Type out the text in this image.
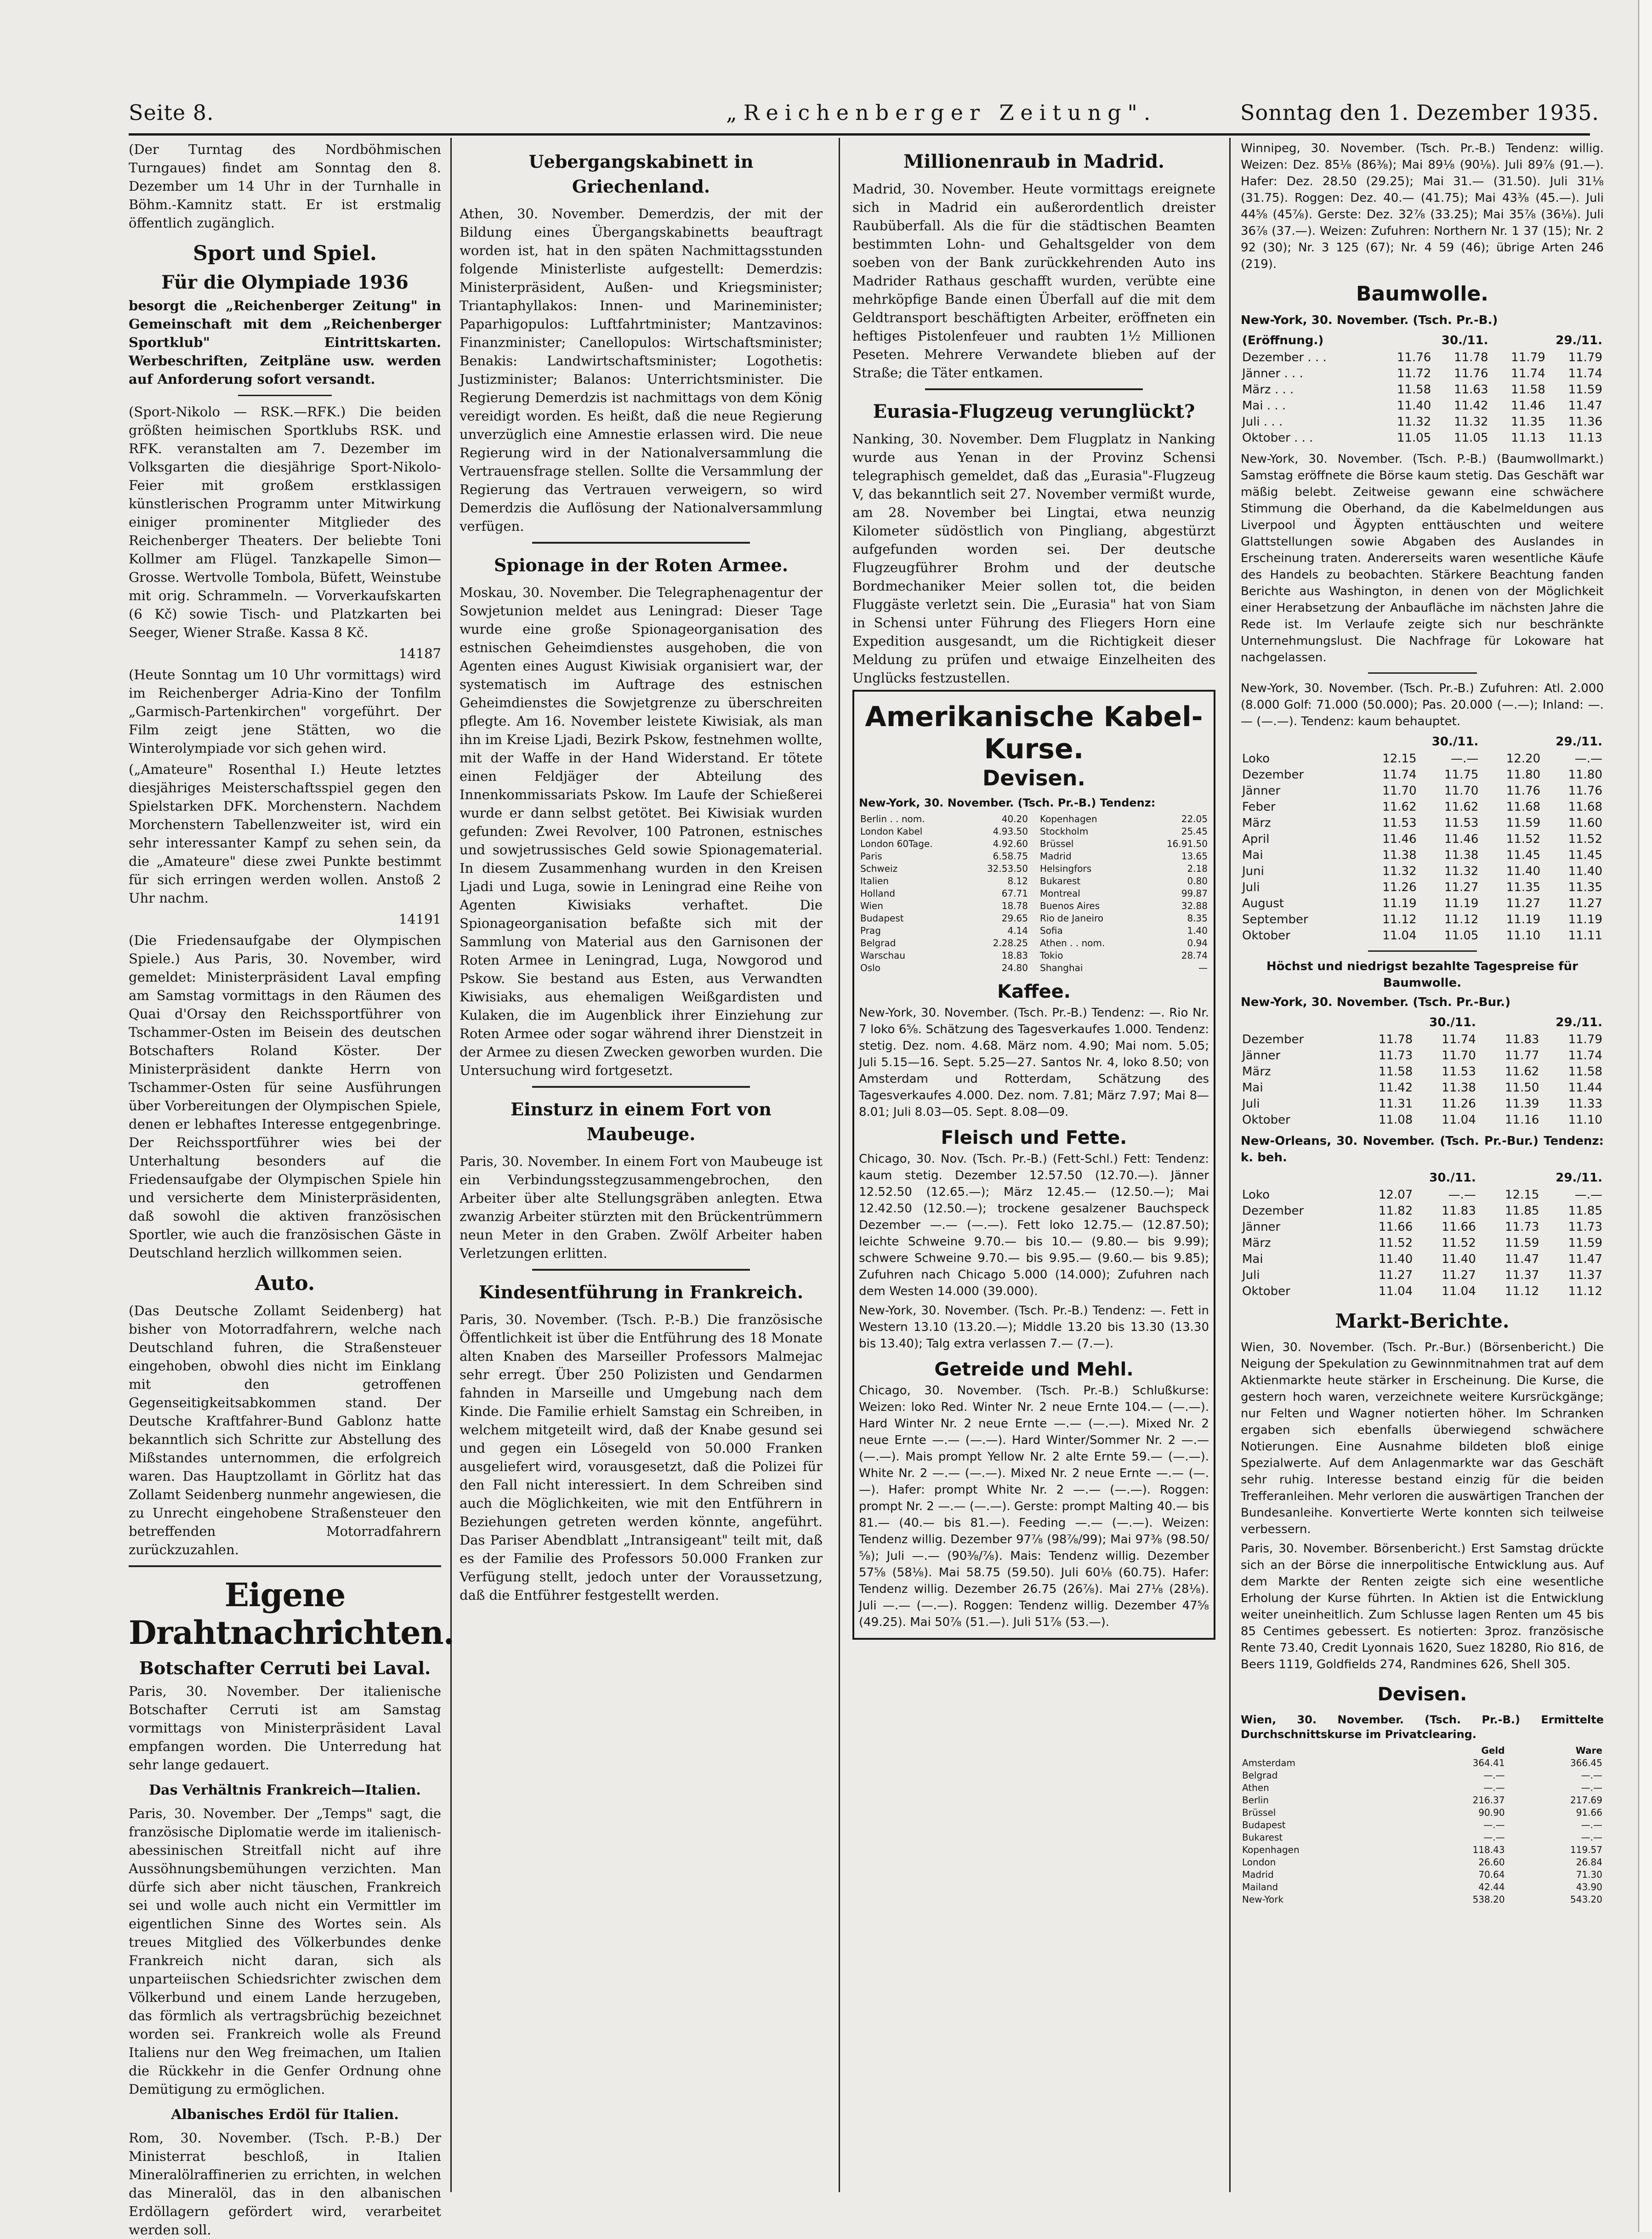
Seite 8.	„Reichenberger Zeitung".	Sonntag den 1. Dezember 1935.

(Der Turntag des Nordböhmischen Turngaues) findet am Sonntag den 8. Dezember um 14 Uhr in der Turnhalle in Böhm.-Kamnitz statt. Er ist erstmalig öffentlich zugänglich.

Sport und Spiel.
Für die Olympiade 1936

besorgt die „Reichenberger Zeitung" in Gemeinschaft mit dem „Reichenberger Sportklub" Eintrittskarten. Werbeschriften, Zeitpläne usw. werden auf Anforderung sofort versandt.

(Sport-Nikolo — RSK.—RFK.) Die beiden größten heimischen Sportklubs RSK. und RFK. veranstalten am 7. Dezember im Volksgarten die diesjährige Sport-Nikolo-Feier mit großem erstklassigen künstlerischen Programm unter Mitwirkung einiger prominenter Mitglieder des Reichenberger Theaters. Der beliebte Toni Kollmer am Flügel. Tanzkapelle Simon—Grosse. Wertvolle Tombola, Büfett, Weinstube mit orig. Schrammeln. — Vorverkaufskarten (6 Kč) sowie Tisch- und Platzkarten bei Seeger, Wiener Straße. Kassa 8 Kč.

14187

(Heute Sonntag um 10 Uhr vormittags) wird im Reichenberger Adria-Kino der Tonfilm „Garmisch-Partenkirchen" vorgeführt. Der Film zeigt jene Stätten, wo die Winterolympiade vor sich gehen wird.

(„Amateure" Rosenthal I.) Heute letztes diesjähriges Meisterschaftsspiel gegen den Spielstarken DFK. Morchenstern. Nachdem Morchenstern Tabellenzweiter ist, wird ein sehr interessanter Kampf zu sehen sein, da die „Amateure" diese zwei Punkte bestimmt für sich erringen werden wollen. Anstoß 2 Uhr nachm.

14191

(Die Friedensaufgabe der Olympischen Spiele.) Aus Paris, 30. November, wird gemeldet: Ministerpräsident Laval empfing am Samstag vormittags in den Räumen des Quai d'Orsay den Reichssportführer von Tschammer-Osten im Beisein des deutschen Botschafters Roland Köster. Der Ministerpräsident dankte Herrn von Tschammer-Osten für seine Ausführungen über Vorbereitungen der Olympischen Spiele, denen er lebhaftes Interesse entgegenbringe. Der Reichssportführer wies bei der Unterhaltung besonders auf die Friedensaufgabe der Olympischen Spiele hin und versicherte dem Ministerpräsidenten, daß sowohl die aktiven französischen Sportler, wie auch die französischen Gäste in Deutschland herzlich willkommen seien.

Auto.

(Das Deutsche Zollamt Seidenberg) hat bisher von Motorradfahrern, welche nach Deutschland fuhren, die Straßensteuer eingehoben, obwohl dies nicht im Einklang mit den getroffenen Gegenseitigkeitsabkommen stand. Der Deutsche Kraftfahrer-Bund Gablonz hatte bekanntlich sich Schritte zur Abstellung des Mißstandes unternommen, die erfolgreich waren. Das Hauptzollamt in Görlitz hat das Zollamt Seidenberg nunmehr angewiesen, die zu Unrecht eingehobene Straßensteuer den betreffenden Motorradfahrern zurückzuzahlen.

Eigene Drahtnachrichten.
Botschafter Cerruti bei Laval.

Paris, 30. November. Der italienische Botschafter Cerruti ist am Samstag vormittags von Ministerpräsident Laval empfangen worden. Die Unterredung hat sehr lange gedauert.

Das Verhältnis Frankreich—Italien.

Paris, 30. November. Der „Temps" sagt, die französische Diplomatie werde im italienisch-abessinischen Streitfall nicht auf ihre Aussöhnungsbemühungen verzichten. Man dürfe sich aber nicht täuschen, Frankreich sei und wolle auch nicht ein Vermittler im eigentlichen Sinne des Wortes sein. Als treues Mitglied des Völkerbundes denke Frankreich nicht daran, sich als unparteiischen Schiedsrichter zwischen dem Völkerbund und einem Lande herzugeben, das förmlich als vertragsbrüchig bezeichnet worden sei. Frankreich wolle als Freund Italiens nur den Weg freimachen, um Italien die Rückkehr in die Genfer Ordnung ohne Demütigung zu ermöglichen.

Albanisches Erdöl für Italien.

Rom, 30. November. (Tsch. P.-B.) Der Ministerrat beschloß, in Italien Mineralölraffinerien zu errichten, in welchen das Mineralöl, das in den albanischen Erdöllagern gefördert wird, verarbeitet werden soll.

Uebergangskabinett in Griechenland.

Athen, 30. November. Demerdzis, der mit der Bildung eines Übergangskabinetts beauftragt worden ist, hat in den späten Nachmittagsstunden folgende Ministerliste aufgestellt: Demerdzis: Ministerpräsident, Außen- und Kriegsminister; Triantaphyllakos: Innen- und Marineminister; Paparhigopulos: Luftfahrtminister; Mantzavinos: Finanzminister; Canellopulos: Wirtschaftsminister; Benakis: Landwirtschaftsminister; Logothetis: Justizminister; Balanos: Unterrichtsminister. Die Regierung Demerdzis ist nachmittags von dem König vereidigt worden. Es heißt, daß die neue Regierung unverzüglich eine Amnestie erlassen wird. Die neue Regierung wird in der Nationalversammlung die Vertrauensfrage stellen. Sollte die Versammlung der Regierung das Vertrauen verweigern, so wird Demerdzis die Auflösung der Nationalversammlung verfügen.

Spionage in der Roten Armee.

Moskau, 30. November. Die Telegraphenagentur der Sowjetunion meldet aus Leningrad: Dieser Tage wurde eine große Spionageorganisation des estnischen Geheimdienstes ausgehoben, die von Agenten eines August Kiwisiak organisiert war, der systematisch im Auftrage des estnischen Geheimdienstes die Sowjetgrenze zu überschreiten pflegte. Am 16. November leistete Kiwisiak, als man ihn im Kreise Ljadi, Bezirk Pskow, festnehmen wollte, mit der Waffe in der Hand Widerstand. Er tötete einen Feldjäger der Abteilung des Innenkommissariats Pskow. Im Laufe der Schießerei wurde er dann selbst getötet. Bei Kiwisiak wurden gefunden: Zwei Revolver, 100 Patronen, estnisches und sowjetrussisches Geld sowie Spionagematerial. In diesem Zusammenhang wurden in den Kreisen Ljadi und Luga, sowie in Leningrad eine Reihe von Agenten Kiwisiaks verhaftet. Die Spionageorganisation befaßte sich mit der Sammlung von Material aus den Garnisonen der Roten Armee in Leningrad, Luga, Nowgorod und Pskow. Sie bestand aus Esten, aus Verwandten Kiwisiaks, aus ehemaligen Weißgardisten und Kulaken, die im Augenblick ihrer Einziehung zur Roten Armee oder sogar während ihrer Dienstzeit in der Armee zu diesen Zwecken geworben wurden. Die Untersuchung wird fortgesetzt.

Einsturz in einem Fort von Maubeuge.

Paris, 30. November. In einem Fort von Maubeuge ist ein Verbindungsstegzusammengebrochen, den Arbeiter über alte Stellungsgräben anlegten. Etwa zwanzig Arbeiter stürzten mit den Brückentrümmern neun Meter in den Graben. Zwölf Arbeiter haben Verletzungen erlitten.

Kindesentführung in Frankreich.

Paris, 30. November. (Tsch. P.-B.) Die französische Öffentlichkeit ist über die Entführung des 18 Monate alten Knaben des Marseiller Professors Malmejac sehr erregt. Über 250 Polizisten und Gendarmen fahnden in Marseille und Umgebung nach dem Kinde. Die Familie erhielt Samstag ein Schreiben, in welchem mitgeteilt wird, daß der Knabe gesund sei und gegen ein Lösegeld von 50.000 Franken ausgeliefert wird, vorausgesetzt, daß die Polizei für den Fall nicht interessiert. In dem Schreiben sind auch die Möglichkeiten, wie mit den Entführern in Beziehungen getreten werden könnte, angeführt. Das Pariser Abendblatt „Intransigeant" teilt mit, daß es der Familie des Professors 50.000 Franken zur Verfügung stellt, jedoch unter der Voraussetzung, daß die Entführer festgestellt werden.

Millionenraub in Madrid.

Madrid, 30. November. Heute vormittags ereignete sich in Madrid ein außerordentlich dreister Raubüberfall. Als die für die städtischen Beamten bestimmten Lohn- und Gehaltsgelder von dem soeben von der Bank zurückkehrenden Auto ins Madrider Rathaus geschafft wurden, verübte eine mehrköpfige Bande einen Überfall auf die mit dem Geldtransport beschäftigten Arbeiter, eröffneten ein heftiges Pistolenfeuer und raubten 1½ Millionen Peseten. Mehrere Verwandete blieben auf der Straße; die Täter entkamen.

Eurasia-Flugzeug verunglückt?

Nanking, 30. November. Dem Flugplatz in Nanking wurde aus Yenan in der Provinz Schensi telegraphisch gemeldet, daß das „Eurasia"-Flugzeug V, das bekanntlich seit 27. November vermißt wurde, am 28. November bei Lingtai, etwa neunzig Kilometer südöstlich von Pingliang, abgestürzt aufgefunden worden sei. Der deutsche Flugzeugführer Brohm und der deutsche Bordmechaniker Meier sollen tot, die beiden Fluggäste verletzt sein. Die „Eurasia" hat von Siam in Schensi unter Führung des Fliegers Horn eine Expedition ausgesandt, um die Richtigkeit dieser Meldung zu prüfen und etwaige Einzelheiten des Unglücks festzustellen.

Amerikanische Kabel-Kurse.
Devisen.

New-York, 30. November. (Tsch. Pr.-B.) Tendenz:

Berlin . . nom.	40.20
London Kabel	4.93.50
London 60Tage.	4.92.60
Paris	6.58.75
Schweiz	32.53.50
Italien	8.12
Holland	67.71
Wien	18.78
Budapest	29.65
Prag	4.14
Belgrad	2.28.25
Warschau	18.83
Oslo	24.80
Kopenhagen	22.05
Stockholm	25.45
Brüssel	16.91.50
Madrid	13.65
Helsingfors	2.18
Bukarest	0.80
Montreal	99.87
Buenos Aires	32.88
Rio de Janeiro	8.35
Sofia	1.40
Athen . . nom.	0.94
Tokio	28.74
Shanghai	—
Kaffee.

New-York, 30. November. (Tsch. Pr.-B.) Tendenz: —. Rio Nr. 7 loko 6⅝. Schätzung des Tagesverkaufes 1.000. Tendenz: stetig. Dez. nom. 4.68. März nom. 4.90; Mai nom. 5.05; Juli 5.15—16. Sept. 5.25—27. Santos Nr. 4, loko 8.50; von Amsterdam und Rotterdam, Schätzung des Tagesverkaufes 4.000. Dez. nom. 7.81; März 7.97; Mai 8—8.01; Juli 8.03—05. Sept. 8.08—09.

Fleisch und Fette.

Chicago, 30. Nov. (Tsch. Pr.-B.) (Fett-Schl.) Fett: Tendenz: kaum stetig. Dezember 12.57.50 (12.70.—). Jänner 12.52.50 (12.65.—); März 12.45.— (12.50.—); Mai 12.42.50 (12.50.—); trockene gesalzener Bauchspeck Dezember —.— (—.—). Fett loko 12.75.— (12.87.50); leichte Schweine 9.70.— bis 10.— (9.80.— bis 9.99); schwere Schweine 9.70.— bis 9.95.— (9.60.— bis 9.85); Zufuhren nach Chicago 5.000 (14.000); Zufuhren nach dem Westen 14.000 (39.000).

New-York, 30. November. (Tsch. Pr.-B.) Tendenz: —. Fett in Western 13.10 (13.20.—); Middle 13.20 bis 13.30 (13.30 bis 13.40); Talg extra verlassen 7.— (7.—).

Getreide und Mehl.

Chicago, 30. November. (Tsch. Pr.-B.) Schlußkurse: Weizen: loko Red. Winter Nr. 2 neue Ernte 104.— (—.—). Hard Winter Nr. 2 neue Ernte —.— (—.—). Mixed Nr. 2 neue Ernte —.— (—.—). Hard Winter/Sommer Nr. 2 —.— (—.—). Mais prompt Yellow Nr. 2 alte Ernte 59.— (—.—). White Nr. 2 —.— (—.—). Mixed Nr. 2 neue Ernte —.— (—.—). Hafer: prompt White Nr. 2 —.— (—.—). Roggen: prompt Nr. 2 —.— (—.—). Gerste: prompt Malting 40.— bis 81.— (40.— bis 81.—). Feeding —.— (—.—). Weizen: Tendenz willig. Dezember 97⅞ (98⅞/99); Mai 97⅜ (98.50/⅝); Juli —.— (90⅜/⅞). Mais: Tendenz willig. Dezember 57⅝ (58⅛). Mai 58.75 (59.50). Juli 60⅛ (60.75). Hafer: Tendenz willig. Dezember 26.75 (26⅞). Mai 27⅛ (28⅛). Juli —.— (—.—). Roggen: Tendenz willig. Dezember 47⅝ (49.25). Mai 50⅞ (51.—). Juli 51⅞ (53.—).

Winnipeg, 30. November. (Tsch. Pr.-B.) Tendenz: willig. Weizen: Dez. 85⅛ (86⅜); Mai 89⅛ (90⅛). Juli 89⅞ (91.—). Hafer: Dez. 28.50 (29.25); Mai 31.— (31.50). Juli 31⅛ (31.75). Roggen: Dez. 40.— (41.75); Mai 43⅜ (45.—). Juli 44⅝ (45⅞). Gerste: Dez. 32⅞ (33.25); Mai 35⅞ (36⅛). Juli 36⅞ (37.—). Weizen: Zufuhren: Northern Nr. 1 37 (15); Nr. 2 92 (30); Nr. 3 125 (67); Nr. 4 59 (46); übrige Arten 246 (219).

Baumwolle.

New-York, 30. November. (Tsch. Pr.-B.)

(Eröffnung.)	30./11.		29./11.	
Dezember . . .	11.76	11.78	11.79	11.79
Jänner . . .	11.72	11.76	11.74	11.74
März . . .	11.58	11.63	11.58	11.59
Mai . . .	11.40	11.42	11.46	11.47
Juli . . .	11.32	11.32	11.35	11.36
Oktober . . .	11.05	11.05	11.13	11.13

New-York, 30. November. (Tsch. P.-B.) (Baumwollmarkt.) Samstag eröffnete die Börse kaum stetig. Das Geschäft war mäßig belebt. Zeitweise gewann eine schwächere Stimmung die Oberhand, da die Kabelmeldungen aus Liverpool und Ägypten enttäuschten und weitere Glattstellungen sowie Abgaben des Auslandes in Erscheinung traten. Andererseits waren wesentliche Käufe des Handels zu beobachten. Stärkere Beachtung fanden Berichte aus Washington, in denen von der Möglichkeit einer Herabsetzung der Anbaufläche im nächsten Jahre die Rede ist. Im Verlaufe zeigte sich nur beschränkte Unternehmungslust. Die Nachfrage für Lokoware hat nachgelassen.

New-York, 30. November. (Tsch. Pr.-B.) Zufuhren: Atl. 2.000 (8.000 Golf: 71.000 (50.000); Pas. 20.000 (—.—); Inland: —.— (—.—). Tendenz: kaum behauptet.

	30./11.		29./11.	
Loko	12.15	—.—	12.20	—.—
Dezember	11.74	11.75	11.80	11.80
Jänner	11.70	11.70	11.76	11.76
Feber	11.62	11.62	11.68	11.68
März	11.53	11.53	11.59	11.60
April	11.46	11.46	11.52	11.52
Mai	11.38	11.38	11.45	11.45
Juni	11.32	11.32	11.40	11.40
Juli	11.26	11.27	11.35	11.35
August	11.19	11.19	11.27	11.27
September	11.12	11.12	11.19	11.19
Oktober	11.04	11.05	11.10	11.11

Höchst und niedrigst bezahlte Tagespreise für Baumwolle.

New-York, 30. November. (Tsch. Pr.-Bur.)

	30./11.		29./11.	
Dezember	11.78	11.74	11.83	11.79
Jänner	11.73	11.70	11.77	11.74
März	11.58	11.53	11.62	11.58
Mai	11.42	11.38	11.50	11.44
Juli	11.31	11.26	11.39	11.33
Oktober	11.08	11.04	11.16	11.10

New-Orleans, 30. November. (Tsch. Pr.-Bur.) Tendenz: k. beh.

	30./11.		29./11.	
Loko	12.07	—.—	12.15	—.—
Dezember	11.82	11.83	11.85	11.85
Jänner	11.66	11.66	11.73	11.73
März	11.52	11.52	11.59	11.59
Mai	11.40	11.40	11.47	11.47
Juli	11.27	11.27	11.37	11.37
Oktober	11.04	11.04	11.12	11.12
Markt-Berichte.

Wien, 30. November. (Tsch. Pr.-Bur.) (Börsenbericht.) Die Neigung der Spekulation zu Gewinnmitnahmen trat auf dem Aktienmarkte heute stärker in Erscheinung. Die Kurse, die gestern hoch waren, verzeichnete weitere Kursrückgänge; nur Felten und Wagner notierten höher. Im Schranken ergaben sich ebenfalls überwiegend schwächere Notierungen. Eine Ausnahme bildeten bloß einige Spezialwerte. Auf dem Anlagenmarkte war das Geschäft sehr ruhig. Interesse bestand einzig für die beiden Trefferanleihen. Mehr verloren die auswärtigen Tranchen der Bundesanleihe. Konvertierte Werte konnten sich teilweise verbessern.

Paris, 30. November. Börsenbericht.) Erst Samstag drückte sich an der Börse die innerpolitische Entwicklung aus. Auf dem Markte der Renten zeigte sich eine wesentliche Erholung der Kurse führten. In Aktien ist die Entwicklung weiter uneinheitlich. Zum Schlusse lagen Renten um 45 bis 85 Centimes gebessert. Es notierten: 3proz. französische Rente 73.40, Credit Lyonnais 1620, Suez 18280, Rio 816, de Beers 1119, Goldfields 274, Randmines 626, Shell 305.

Devisen.

Wien, 30. November. (Tsch. Pr.-B.) Ermittelte Durchschnittskurse im Privatclearing.

	Geld	Ware
Amsterdam	364.41	366.45
Belgrad	—.—	—.—
Athen	—.—	—.—
Berlin	216.37	217.69
Brüssel	90.90	91.66
Budapest	—.—	—.—
Bukarest	—.—	—.—
Kopenhagen	118.43	119.57
London	26.60	26.84
Madrid	70.64	71.30
Mailand	42.44	43.90
New-York	538.20	543.20
